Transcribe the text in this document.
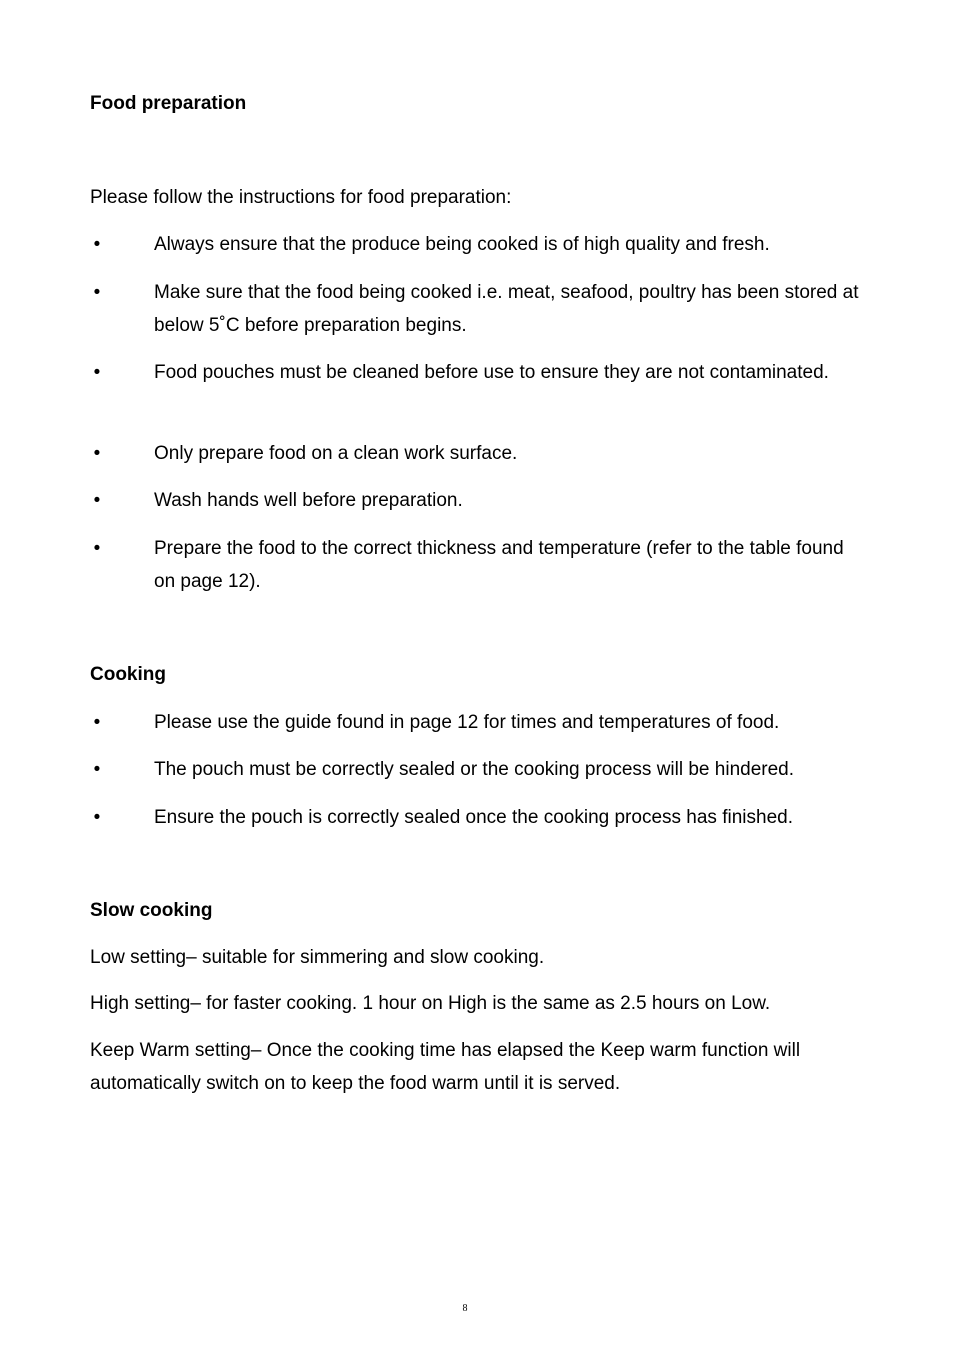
Food preparation

Please follow the instructions for food preparation:

•	Always ensure that the produce being cooked is of high quality and fresh.
•	Make sure that the food being cooked i.e. meat, seafood, poultry has been stored at below 5˚C before preparation begins.
•	Food pouches must be cleaned before use to ensure they are not contaminated.
•	Only prepare food on a clean work surface.
•	Wash hands well before preparation.
•	Prepare the food to the correct thickness and temperature (refer to the table found on page 12).
Cooking
•	Please use the guide found in page 12 for times and temperatures of food.
•	The pouch must be correctly sealed or the cooking process will be hindered.
•	Ensure the pouch is correctly sealed once the cooking process has finished.
Slow cooking

Low setting– suitable for simmering and slow cooking.

High setting– for faster cooking. 1 hour on High is the same as 2.5 hours on Low.

Keep Warm setting– Once the cooking time has elapsed the Keep warm function will automatically switch on to keep the food warm until it is served.

8
